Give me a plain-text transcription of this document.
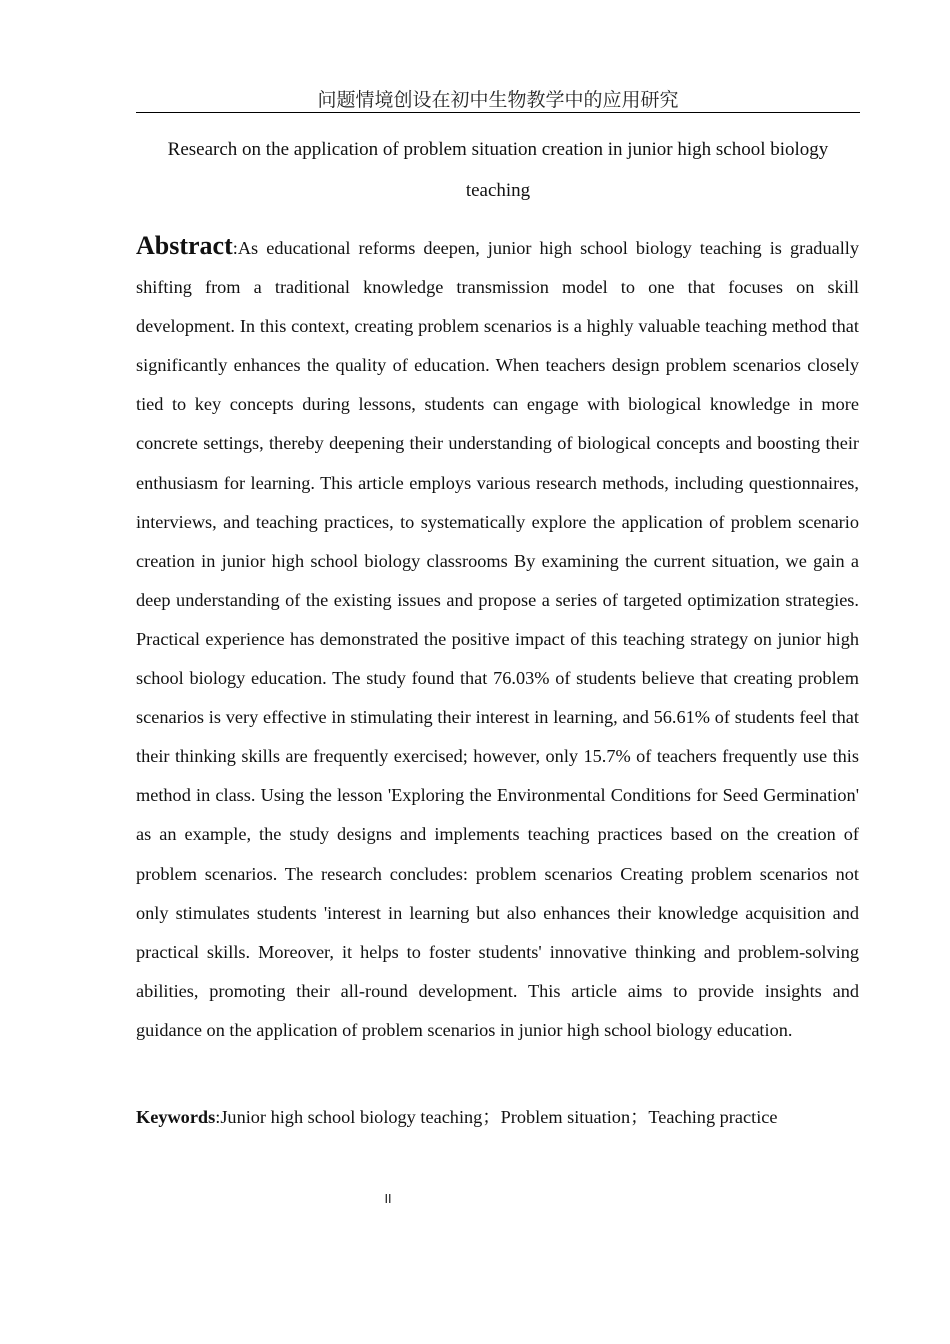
问题情境创设在初中生物教学中的应用研究
Research on the application of problem situation creation in junior high school biology teaching
Abstract:As educational reforms deepen, junior high school biology teaching is gradually shifting from a traditional knowledge transmission model to one that focuses on skill development. In this context, creating problem scenarios is a highly valuable teaching method that significantly enhances the quality of education. When teachers design problem scenarios closely tied to key concepts during lessons, students can engage with biological knowledge in more concrete settings, thereby deepening their understanding of biological concepts and boosting their enthusiasm for learning. This article employs various research methods, including questionnaires, interviews, and teaching practices, to systematically explore the application of problem scenario creation in junior high school biology classrooms By examining the current situation, we gain a deep understanding of the existing issues and propose a series of targeted optimization strategies. Practical experience has demonstrated the positive impact of this teaching strategy on junior high school biology education. The study found that 76.03% of students believe that creating problem scenarios is very effective in stimulating their interest in learning, and 56.61% of students feel that their thinking skills are frequently exercised; however, only 15.7% of teachers frequently use this method in class. Using the lesson 'Exploring the Environmental Conditions for Seed Germination' as an example, the study designs and implements teaching practices based on the creation of problem scenarios. The research concludes: problem scenarios Creating problem scenarios not only stimulates students 'interest in learning but also enhances their knowledge acquisition and practical skills. Moreover, it helps to foster students' innovative thinking and problem-solving abilities, promoting their all-round development. This article aims to provide insights and guidance on the application of problem scenarios in junior high school biology education.
Keywords:Junior high school biology teaching；Problem situation；Teaching practice
II
